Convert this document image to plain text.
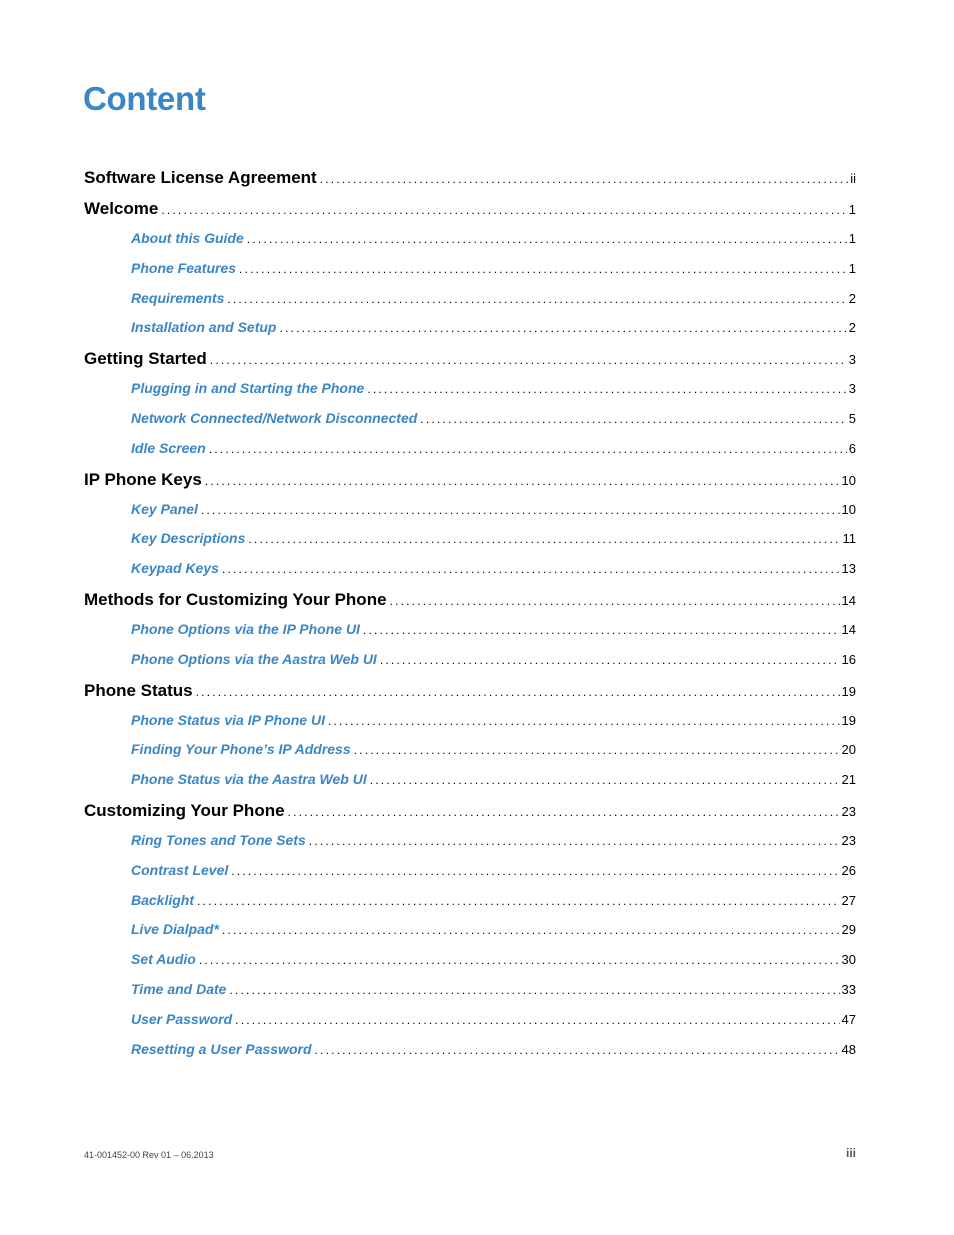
Content
Software License Agreement .....	ii
Welcome .....	1
About this Guide .....	1
Phone Features .....	1
Requirements .....	2
Installation and Setup .....	2
Getting Started .....	3
Plugging in and Starting the Phone .....	3
Network Connected/Network Disconnected .....	5
Idle Screen .....	6
IP Phone Keys .....	10
Key Panel .....	10
Key Descriptions .....	11
Keypad Keys .....	13
Methods for Customizing Your Phone .....	14
Phone Options via the IP Phone UI .....	14
Phone Options via the Aastra Web UI .....	16
Phone Status .....	19
Phone Status via IP Phone UI .....	19
Finding Your Phone’s IP Address .....	20
Phone Status via the Aastra Web UI .....	21
Customizing Your Phone .....	23
Ring Tones and Tone Sets .....	23
Contrast Level .....	26
Backlight .....	27
Live Dialpad* .....	29
Set Audio .....	30
Time and Date .....	33
User Password .....	47
Resetting a User Password .....	48
41-001452-00 Rev 01 – 06.2013	iii
